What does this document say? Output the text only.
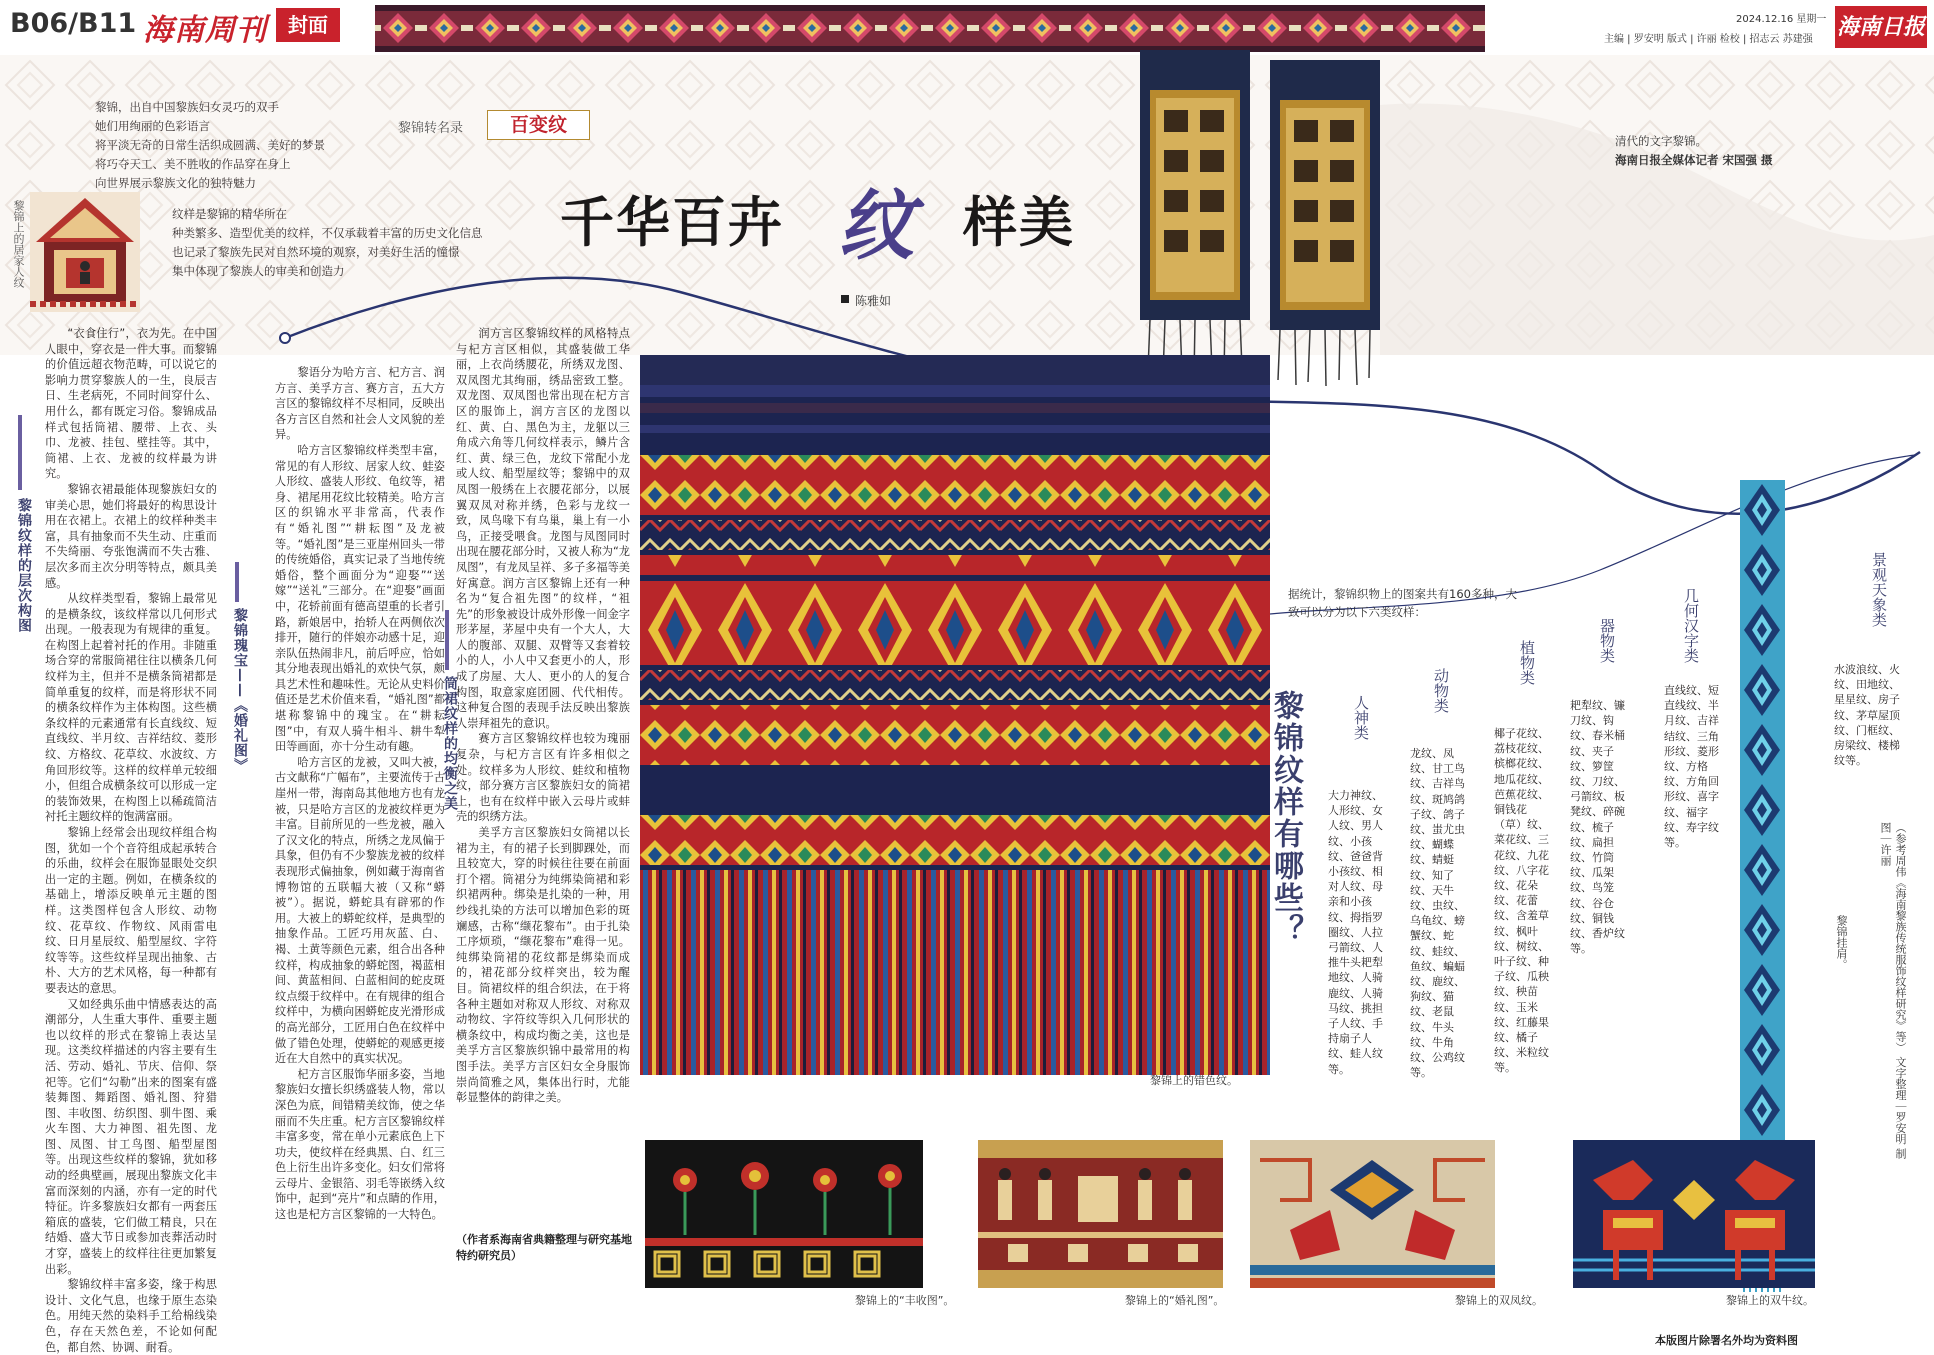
B06/B11 海南周刊	封面	2024.12.16 星期一
主编 | 罗安明 版式 | 许丽 检校 | 招志云 苏建强 海南日报
黎锦，出自中国黎族妇女灵巧的双手
她们用绚丽的色彩语言
将平淡无奇的日常生活织成圆满、美好的梦景
将巧夺天工、美不胜收的作品穿在身上
向世界展示黎族文化的独特魅力
黎锦转名录	百变纹
纹样是黎锦的精华所在
种类繁多、造型优美的纹样，不仅承载着丰富的历史文化信息
也记录了黎族先民对自然环境的观察，对美好生活的憧憬
集中体现了黎族人的审美和创造力
千华百卉 纹 样美
陈雅如
黎锦上的居家人纹
清代的文字黎锦。
海南日报全媒体记者 宋国强 摄
黎锦纹样的层次构图

“衣食住行”，衣为先。在中国人眼中，穿衣是一件大事。而黎锦的价值远超衣物范畴，可以说它的影响力贯穿黎族人的一生，良辰吉日、生老病死，不同时间穿什么、用什么，都有既定习俗。黎锦成品样式包括筒裙、腰带、上衣、头巾、龙被、挂包、壁挂等。其中，筒裙、上衣、龙被的纹样最为讲究。

黎锦衣裙最能体现黎族妇女的审美心思，她们将最好的构思设计用在衣裙上。衣裙上的纹样种类丰富，具有抽象而不失生动、庄重而不失绮丽、夸张饱满而不失古雅、层次多而主次分明等特点，颇具美感。

从纹样类型看，黎锦上最常见的是横条纹，该纹样常以几何形式出现。一般表现为有规律的重复。在构图上起着衬托的作用。非随重场合穿的常服筒裙往往以横条几何纹样为主，但并不是横条筒裙都是简单重复的纹样，而是将形状不同的横条纹样作为主体构图。这些横条纹样的元素通常有长直线纹、短直线纹、半月纹、吉祥结纹、菱形纹、方格纹、花草纹、水波纹、方角回形纹等。这样的纹样单元较细小，但组合成横条纹可以形成一定的装饰效果，在构图上以稀疏简洁衬托主题纹样的饱满富丽。

黎锦上经常会出现纹样组合构图，犹如一个个音符组成起承转合的乐曲，纹样会在服饰显眼处交织出一定的主题。例如，在横条纹的基础上，增添反映单元主题的图样。这类图样包含人形纹、动物纹、花草纹、作物纹、风雨雷电纹、日月星辰纹、船型屋纹、字符纹等等。这些纹样呈现出抽象、古朴、大方的艺术风格，每一种都有要表达的意思。

又如经典乐曲中情感表达的高潮部分，人生重大事件、重要主题也以纹样的形式在黎锦上表达呈现。这类纹样描述的内容主要有生活、劳动、婚礼、节庆、信仰、祭祀等。它们“勾勒”出来的图案有盛装舞图、舞蹈图、婚礼图、狩猎图、丰收图、纺织图、驯牛图、乘火车图、大力神图、祖先图、龙图、凤图、甘工鸟图、船型屋图等。出现这些纹样的黎锦，犹如移动的经典壁画，展现出黎族文化丰富而深刻的内涵，亦有一定的时代特征。许多黎族妇女都有一两套压箱底的盛装，它们做工精良，只在结婚、盛大节日或参加丧葬活动时才穿，盛装上的纹样往往更加繁复出彩。

黎锦纹样丰富多姿，缘于构思设计、文化气息，也缘于原生态染色。用纯天然的染料手工给棉线染色，存在天然色差，不论如何配色，都自然、协调、耐看。

黎锦瑰宝——《婚礼图》

黎语分为哈方言、杞方言、润方言、美孚方言、赛方言，五大方言区的黎锦纹样不尽相同，反映出各方言区自然和社会人文风貌的差异。

哈方言区黎锦纹样类型丰富，常见的有人形纹、居家人纹、蛙姿人形纹、盛装人形纹、龟纹等，裙身、裙尾用花纹比较精美。哈方言区的织锦水平非常高，代表作有“婚礼图”“耕耘图”及龙被等。“婚礼图”是三亚崖州回头一带的传统婚俗，真实记录了当地传统婚俗，整个画面分为“迎娶”“送嫁”“送礼”三部分。在“迎娶”画面中，花轿前面有德高望重的长者引路，新娘居中，抬轿人在两侧依次排开，随行的伴娘亦动感十足，迎亲队伍热闹非凡，前后呼应，恰如其分地表现出婚礼的欢快气氛，颇具艺术性和趣味性。无论从史料价值还是艺术价值来看，“婚礼图”都堪称黎锦中的瑰宝。在“耕耘图”中，有双人骑牛相斗、耕牛犁田等画面，亦十分生动有趣。

哈方言区的龙被，又叫大被，古文献称“广幅布”，主要流传于古崖州一带，海南岛其他地方也有龙被，只是哈方言区的龙被纹样更为丰富。目前所见的一些龙被，融入了汉文化的特点，所绣之龙凤偏于具象，但仍有不少黎族龙被的纹样表现形式偏抽象，例如藏于海南省博物馆的五联幅大被（又称“蟒被”）。据说，蟒蛇具有辟邪的作用。大被上的蟒蛇纹样，是典型的抽象作品。工匠巧用灰蓝、白、褐、土黄等颜色元素，组合出各种纹样，构成抽象的蟒蛇图，褐蓝相间、黄蓝相间、白蓝相间的蛇皮斑纹点缀于纹样中。在有规律的组合纹样中，为横向困蟒蛇皮光滑形成的高光部分，工匠用白色在纹样中做了错色处理，使蟒蛇的观感更接近在大自然中的真实状况。

杞方言区服饰华丽多姿，当地黎族妇女擅长织绣盛装人物，常以深色为底，间错精美纹饰，使之华丽而不失庄重。杞方言区黎锦纹样丰富多变，常在单小元素底色上下功夫，使纹样在经典黑、白、红三色上衍生出许多变化。妇女们常将云母片、金银箔、羽毛等嵌绣入纹饰中，起到“亮片”和点睛的作用，这也是杞方言区黎锦的一大特色。

筒裙纹样的均衡之美

润方言区黎锦纹样的风格特点与杞方言区相似，其盛装做工华丽，上衣尚绣腰花，所绣双龙图、双凤图尤其绚丽，绣品密致工整。双龙图、双凤图也常出现在杞方言区的服饰上，润方言区的龙图以红、黄、白、黑色为主，龙躯以三角成六角等几何纹样表示，鳞片含红、黄、绿三色，龙纹下常配小龙或人纹、船型屋纹等；黎锦中的双凤图一般绣在上衣腰花部分，以展翼双凤对称并绣，色彩与龙纹一致，凤鸟喙下有乌巢，巢上有一小鸟，正接受喂食。龙图与凤图同时出现在腰花部分时，又被人称为“龙凤图”，有龙凤呈祥、多子多福等美好寓意。润方言区黎锦上还有一种名为“复合祖先图”的纹样，“祖先”的形象被设计成外形像一间金字形茅屋，茅屋中央有一个大人，大人的腹部、双腿、双臂等又套着较小的人，小人中又套更小的人，形成了房屋、大人、更小的人的复合构图，取意家庭团圆、代代相传。这种复合图的表现手法反映出黎族人崇拜祖先的意识。

赛方言区黎锦纹样也较为瑰丽复杂，与杞方言区有许多相似之处。纹样多为人形纹、蛙纹和植物纹，部分赛方言区黎族妇女的筒裙上，也有在纹样中嵌入云母片或蚌壳的织绣方法。

美孚方言区黎族妇女筒裙以长裙为主，有的裙子长到脚踝处，而且较宽大，穿的时候往往要在前面打个褶。筒裙分为纯绑染筒裙和彩织裙两种。绑染是扎染的一种，用纱线扎染的方法可以增加色彩的斑斓感，古称“缬花黎布”。由于扎染工序烦琐，“缬花黎布”难得一见。纯绑染筒裙的花纹都是绑染而成的，裙花部分纹样突出，较为醒目。筒裙纹样的组合织法，在于将各种主题如对称双人形纹、对称双动物纹、字符纹等织入几何形状的横条纹中，构成均衡之美，这也是美孚方言区黎族织锦中最常用的构图手法。美孚方言区妇女全身服饰崇尚简雅之风，集体出行时，尤能彰显整体的韵律之美。

（作者系海南省典籍整理与研究基地特约研究员）
黎锦上的错色纹。
据统计，黎锦织物上的图案共有160多种，大致可以分为以下六类纹样：
黎锦纹样有哪些？	人神类
大力神纹、人形纹、女人纹、男人纹、小孩纹、爸爸背小孩纹、相对人纹、母亲和小孩纹、拇指罗圈纹、人拉弓箭纹、人推牛头耙犁地纹、人骑鹿纹、人骑马纹、挑担子人纹、手持扇子人纹、蛙人纹等。
动物类
龙纹、凤纹、甘工鸟纹、吉祥鸟纹、斑鸠鸽子纹、鸽子纹、蚩尤虫纹、蝴蝶纹、蜻蜓纹、知了纹、天牛纹、虫纹、乌龟纹、螃蟹纹、蛇纹、蛙纹、鱼纹、蝙蝠纹、鹿纹、狗纹、猫纹、老鼠纹、牛头纹、牛角纹、公鸡纹等。
植物类
椰子花纹、荔枝花纹、槟榔花纹、地瓜花纹、芭蕉花纹、铜钱花（草）纹、菜花纹、三花纹、九花纹、八字花纹、花朵纹、花蕾纹、含羞草纹、枫叶纹、树纹、叶子纹、种子纹、瓜秧纹、秧苗纹、玉米纹、红藤果纹、橘子纹、米粒纹等。
器物类
耙犁纹、镰刀纹、钩纹、春米桶纹、夹子纹、箩筐纹、刀纹、弓箭纹、板凳纹、碎碗纹、梳子纹、扁担纹、竹筒纹、瓜架纹、鸟笼纹、谷仓纹、铜钱纹、香炉纹等。
几何汉字类
直线纹、短直线纹、半月纹、吉祥结纹、三角形纹、菱形纹、方格纹、方角回形纹、喜字纹、福字纹、寿字纹等。
景观天象类
水波浪纹、火纹、田地纹、星星纹、房子纹、茅草屋顶纹、门框纹、房梁纹、楼梯纹等。
黎锦挂肩。	（参考周伟《海南黎族传统服饰纹样研究》等） 文字整理｜罗安明 制图｜许丽
黎锦上的“丰收图”。	黎锦上的“婚礼图”。	黎锦上的双凤纹。	黎锦上的双牛纹。
本版图片除署名外均为资料图
